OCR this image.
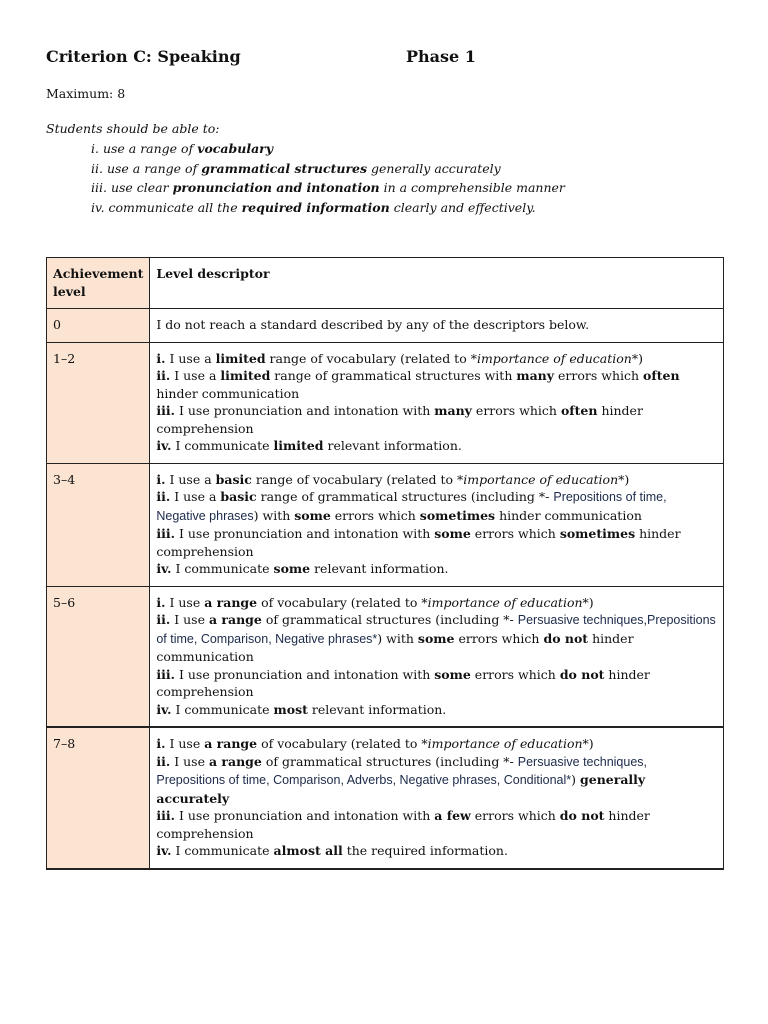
Criterion C: Speaking	Phase 1
Maximum: 8
Students should be able to:
i. use a range of vocabulary
ii. use a range of grammatical structures generally accurately
iii. use clear pronunciation and intonation in a comprehensible manner
iv. communicate all the required information clearly and effectively.
Achievement level	Level descriptor
0	I do not reach a standard described by any of the descriptors below.

1–2	i. I use a limited range of vocabulary (related to *importance of education*)
ii. I use a limited range of grammatical structures with many errors which often hinder communication
iii. I use pronunciation and intonation with many errors which often hinder comprehension
iv. I communicate limited relevant information.

3–4	i. I use a basic range of vocabulary (related to *importance of education*)
ii. I use a basic range of grammatical structures (including *- Prepositions of time, Negative phrases) with some errors which sometimes hinder communication
iii. I use pronunciation and intonation with some errors which sometimes hinder comprehension
iv. I communicate some relevant information.

5–6	i. I use a range of vocabulary (related to *importance of education*)
ii. I use a range of grammatical structures (including *- Persuasive techniques,Prepositions of time, Comparison, Negative phrases*) with some errors which do not hinder communication
iii. I use pronunciation and intonation with some errors which do not hinder comprehension
iv. I communicate most relevant information.

7–8	i. I use a range of vocabulary (related to *importance of education*)
ii. I use a range of grammatical structures (including *- Persuasive techniques, Prepositions of time, Comparison, Adverbs, Negative phrases, Conditional*) generally accurately
iii. I use pronunciation and intonation with a few errors which do not hinder comprehension
iv. I communicate almost all the required information.
